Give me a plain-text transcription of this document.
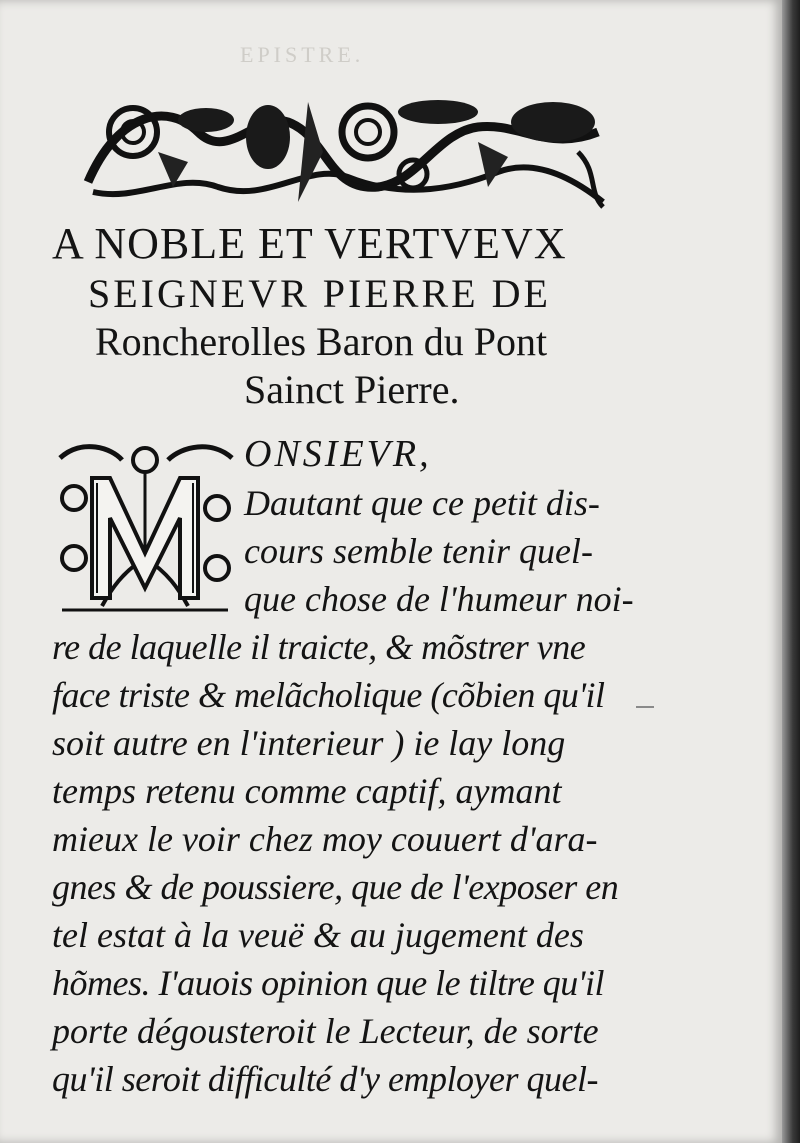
EPISTRE.
A NOBLE ET VERTVEVX
SEIGNEVR PIERRE DE
Roncherolles Baron du Pont
Sainct Pierre.
ONSIEVR,
Dautant que ce petit dis-
cours semble tenir quel-
que chose de l'humeur noi-
re de laquelle il traicte, & mõstrer vne
face triste & melãcholique (cõbien qu'il
soit autre en l'interieur ) ie lay long
temps retenu comme captif, aymant
mieux le voir chez moy couuert d'ara-
gnes & de poussiere, que de l'exposer en
tel estat à la veuë & au jugement des
hõmes. I'auois opinion que le tiltre qu'il
porte dégousteroit le Lecteur, de sorte
qu'il seroit difficulté d'y employer quel-
